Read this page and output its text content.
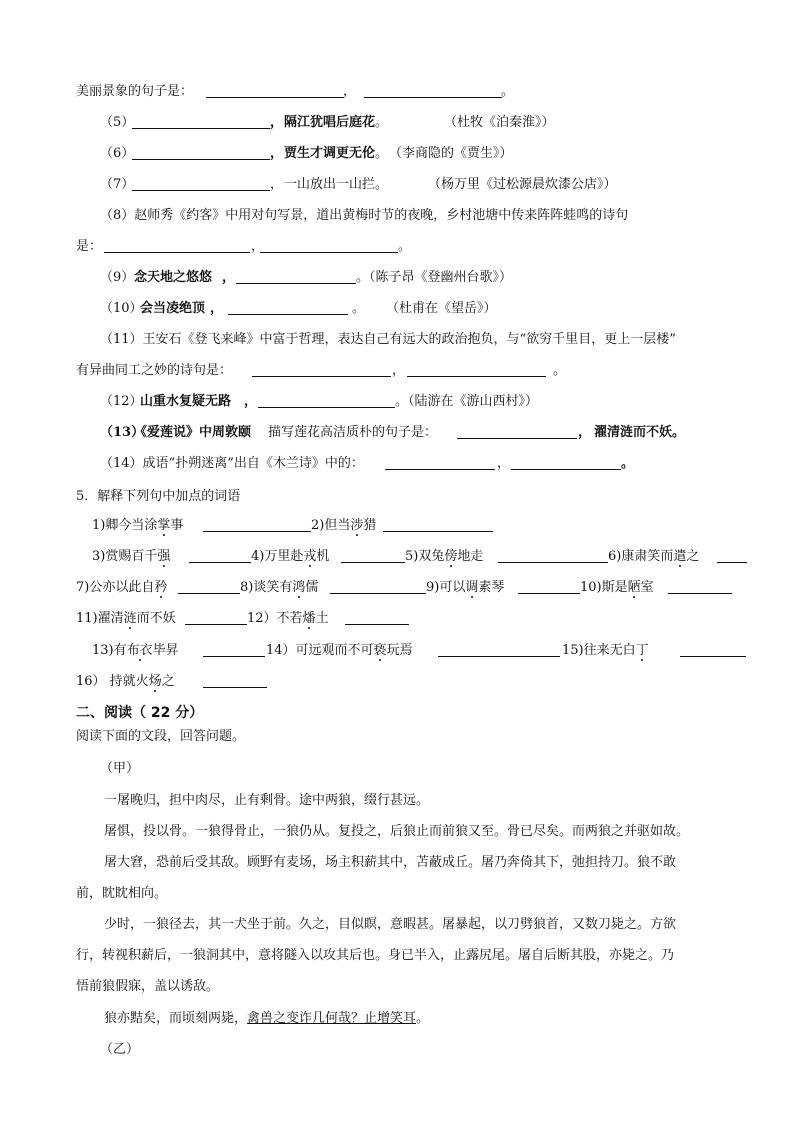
美丽景象的句子是：	，	。
（5）	， 隔江犹唱后庭花 。	（杜牧《泊秦淮》）
（6）	， 贾生才调更无伦 。 （李商隐的《贾生》）
（7）	， 一山放出一山拦 。	（杨万里《过松源晨炊漆公店》）
（8）赵师秀《约客》中用对句写景，道出黄梅时节的夜晚，乡村池塘中传来阵阵蛙鸣的诗句
是：	，	。
（9） 念天地之悠悠 ，	。（陈子昂《登幽州台歌》）
（10）
会当凌绝顶 ，	。 （杜甫在《望岳》）
（11）王安石《登飞来峰》中富于哲理，表达自己有远大的政治抱负，与“欲穷千里目，更上一层楼”
有异曲同工之妙的诗句是：	，	。
（12）
山重水复疑无路 ，	。（陆游在《游山西村》）
（13）
《爱莲说》中周敦颐 描写莲花高洁质朴的句子是：	， 濯清涟而不妖。
（14）成语“扑朔迷离”出自《木兰诗》中的：	，	。
5．解释下列句中加点的词语
1)卿今当涂掌事	2)但当涉猎
3)赏赐百千强	4)万里赴戎机	5)双兔傍地走	6)康肃笑而遣之
7)公亦以此自矜	8)谈笑有鸿儒	9)可以调素琴	10)斯是陋室
11)濯清涟而不妖	12）不若燔土
13)有布衣毕昇	14）可远观而不可亵玩焉	15)往来无白丁
16） 持就火炀之
二、阅读（ 22 分）
阅读下面的文段，回答问题。
（甲）
一屠晚归，担中肉尽，止有剩骨。途中两狼，缀行甚远。
屠惧，投以骨。一狼得骨止，一狼仍从。复投之，后狼止而前狼又至。骨已尽矣。而两狼之并驱如故。
屠大窘，恐前后受其敌。顾野有麦场，场主积薪其中，苫蔽成丘。屠乃奔倚其下，弛担持刀。狼不敢
前，眈眈相向。
少时，一狼径去，其一犬坐于前。久之，目似瞑，意暇甚。屠暴起，以刀劈狼首，又数刀毙之。方欲
行，转视积薪后，一狼洞其中，意将隧入以攻其后也。身已半入，止露尻尾。屠自后断其股，亦毙之。乃
悟前狼假寐，盖以诱敌。
狼亦黠矣，而顷刻两毙，禽兽之变诈几何哉？止增笑耳。
（乙）
